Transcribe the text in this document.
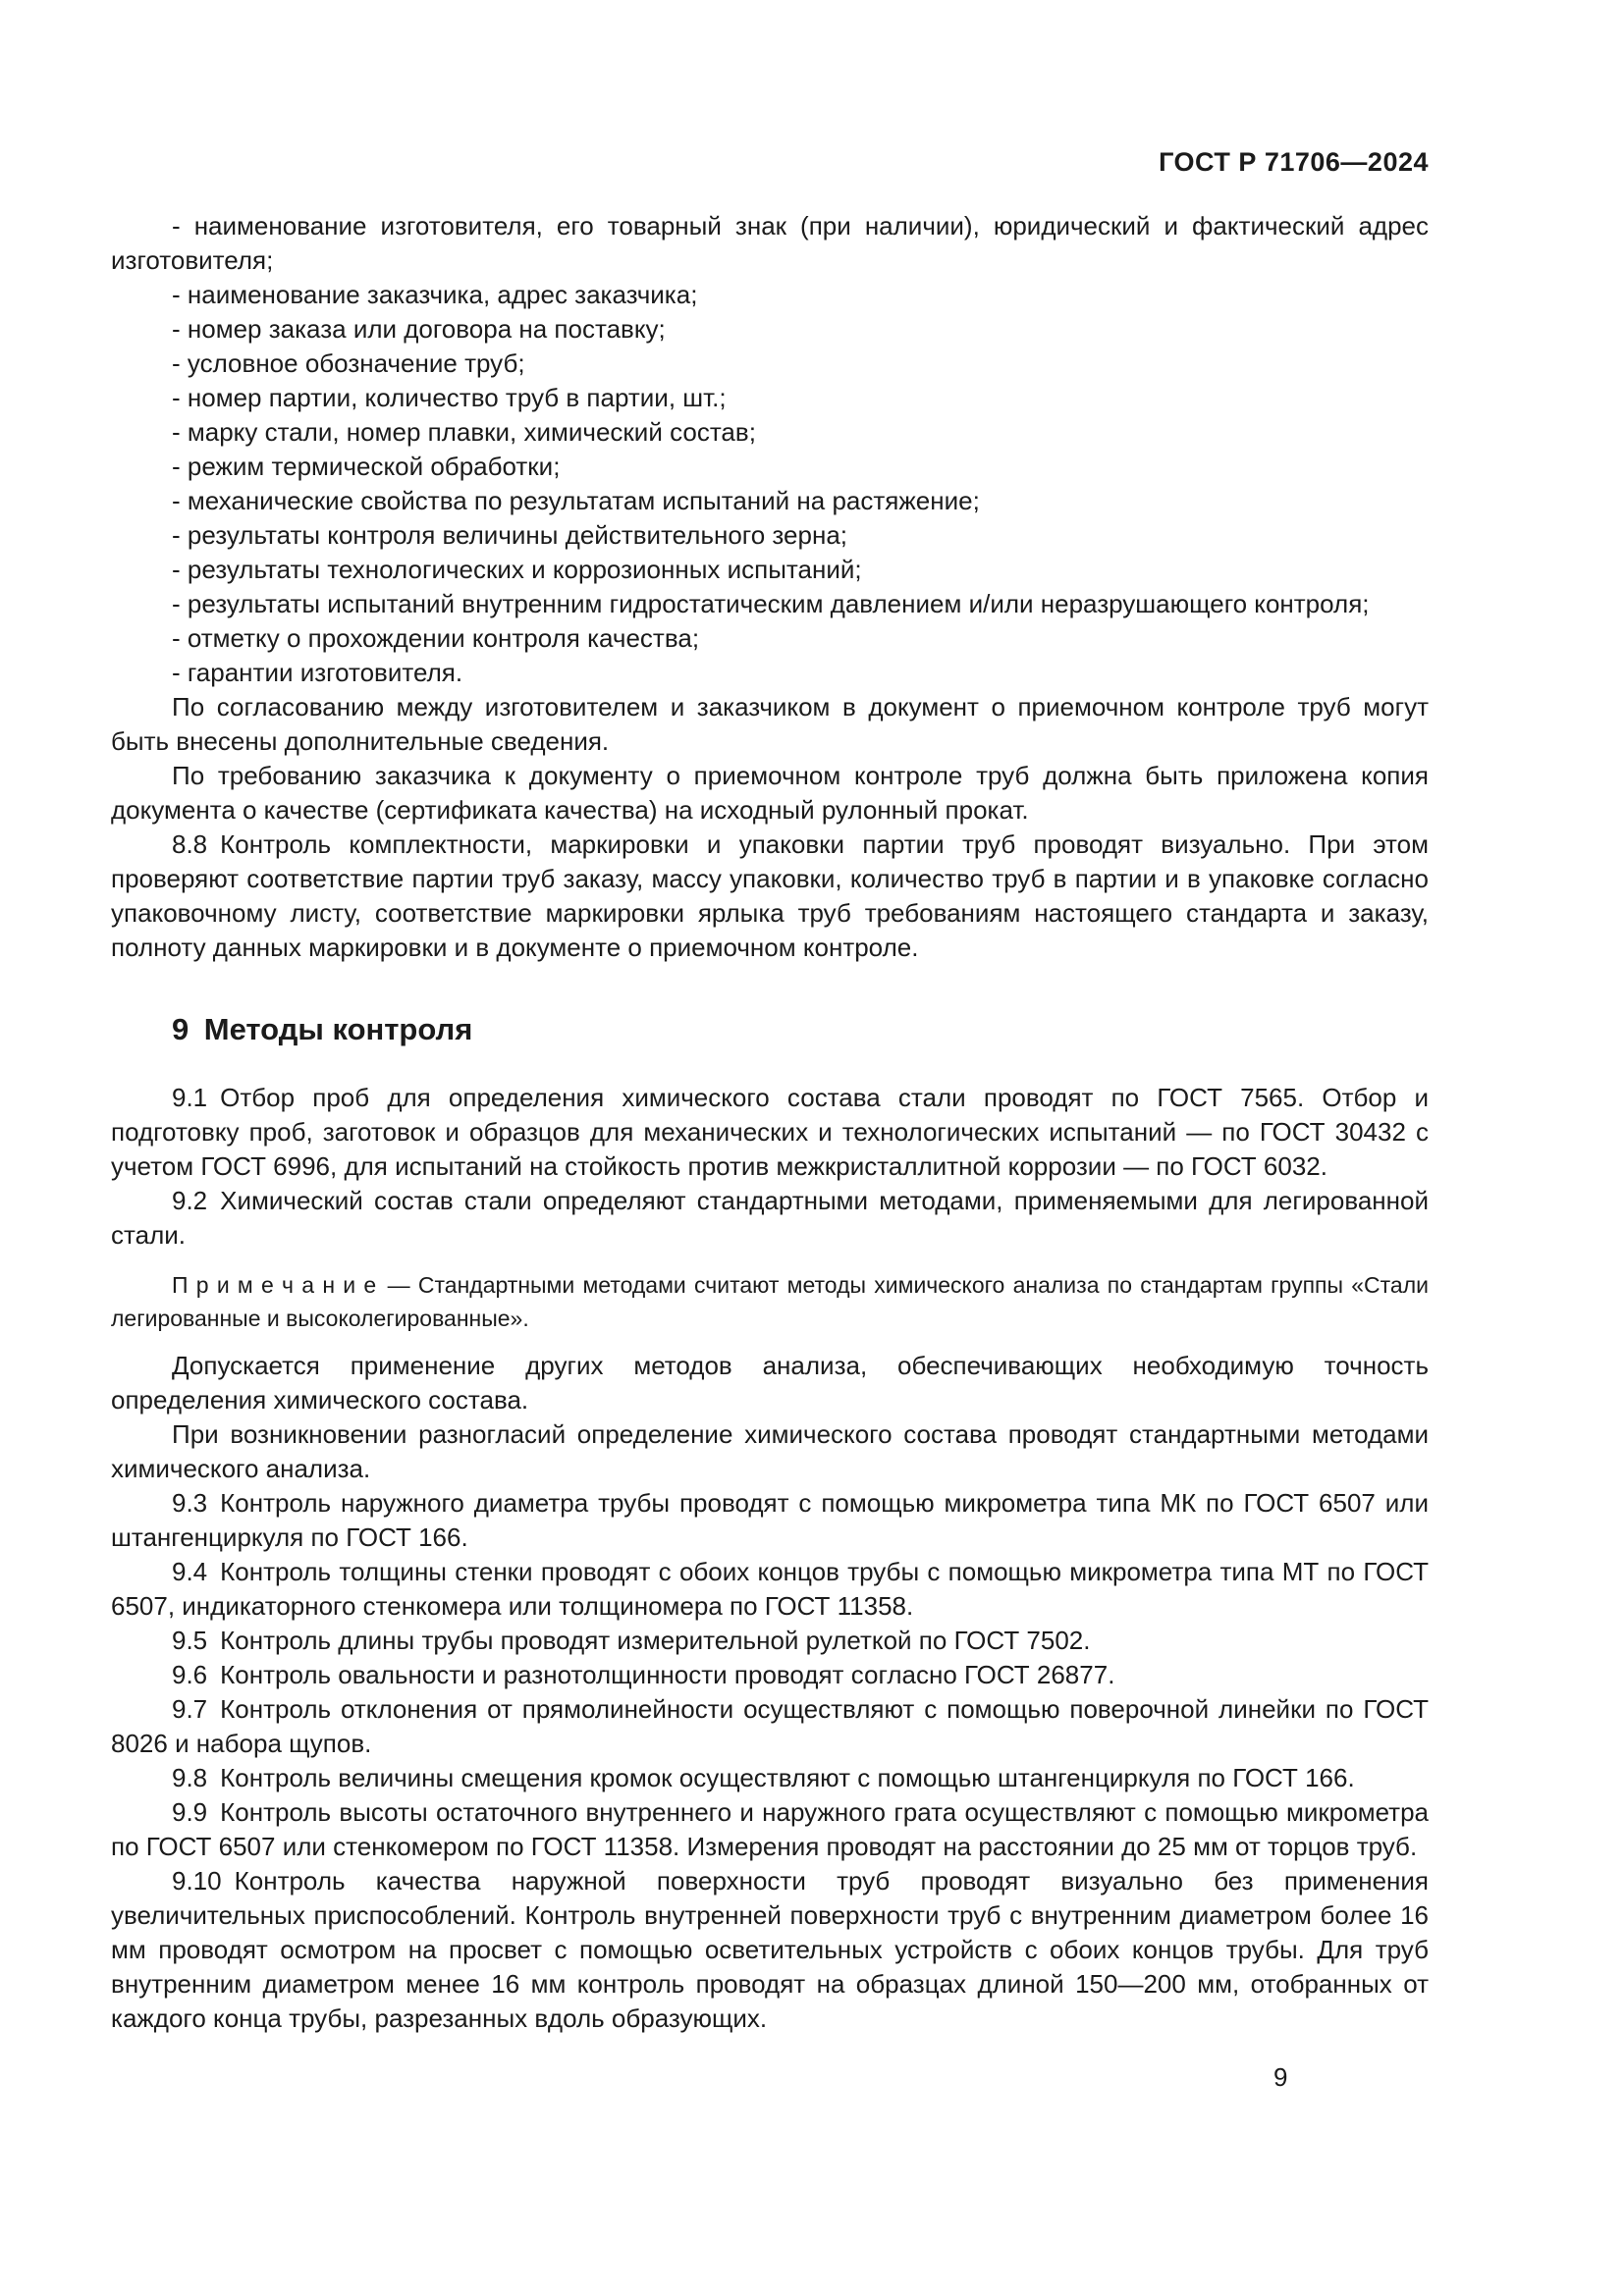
ГОСТ Р 71706—2024
- наименование изготовителя, его товарный знак (при наличии), юридический и фактический адрес изготовителя;
- наименование заказчика, адрес заказчика;
- номер заказа или договора на поставку;
- условное обозначение труб;
- номер партии, количество труб в партии, шт.;
- марку стали, номер плавки, химический состав;
- режим термической обработки;
- механические свойства по результатам испытаний на растяжение;
- результаты контроля величины действительного зерна;
- результаты технологических и коррозионных испытаний;
- результаты испытаний внутренним гидростатическим давлением и/или неразрушающего контроля;
- отметку о прохождении контроля качества;
- гарантии изготовителя.
По согласованию между изготовителем и заказчиком в документ о приемочном контроле труб могут быть внесены дополнительные сведения.
По требованию заказчика к документу о приемочном контроле труб должна быть приложена копия документа о качестве (сертификата качества) на исходный рулонный прокат.
8.8 Контроль комплектности, маркировки и упаковки партии труб проводят визуально. При этом проверяют соответствие партии труб заказу, массу упаковки, количество труб в партии и в упаковке согласно упаковочному листу, соответствие маркировки ярлыка труб требованиям настоящего стандарта и заказу, полноту данных маркировки и в документе о приемочном контроле.
9 Методы контроля
9.1 Отбор проб для определения химического состава стали проводят по ГОСТ 7565. Отбор и подготовку проб, заготовок и образцов для механических и технологических испытаний — по ГОСТ 30432 с учетом ГОСТ 6996, для испытаний на стойкость против межкристаллитной коррозии — по ГОСТ 6032.
9.2 Химический состав стали определяют стандартными методами, применяемыми для легированной стали.
П р и м е ч а н и е — Стандартными методами считают методы химического анализа по стандартам группы «Стали легированные и высоколегированные».
Допускается применение других методов анализа, обеспечивающих необходимую точность определения химического состава.
При возникновении разногласий определение химического состава проводят стандартными методами химического анализа.
9.3 Контроль наружного диаметра трубы проводят с помощью микрометра типа МК по ГОСТ 6507 или штангенциркуля по ГОСТ 166.
9.4 Контроль толщины стенки проводят с обоих концов трубы с помощью микрометра типа МТ по ГОСТ 6507, индикаторного стенкомера или толщиномера по ГОСТ 11358.
9.5 Контроль длины трубы проводят измерительной рулеткой по ГОСТ 7502.
9.6 Контроль овальности и разнотолщинности проводят согласно ГОСТ 26877.
9.7 Контроль отклонения от прямолинейности осуществляют с помощью поверочной линейки по ГОСТ 8026 и набора щупов.
9.8 Контроль величины смещения кромок осуществляют с помощью штангенциркуля по ГОСТ 166.
9.9 Контроль высоты остаточного внутреннего и наружного грата осуществляют с помощью микрометра по ГОСТ 6507 или стенкомером по ГОСТ 11358. Измерения проводят на расстоянии до 25 мм от торцов труб.
9.10 Контроль качества наружной поверхности труб проводят визуально без применения увеличительных приспособлений. Контроль внутренней поверхности труб с внутренним диаметром более 16 мм проводят осмотром на просвет с помощью осветительных устройств с обоих концов трубы. Для труб внутренним диаметром менее 16 мм контроль проводят на образцах длиной 150—200 мм, отобранных от каждого конца трубы, разрезанных вдоль образующих.
9
